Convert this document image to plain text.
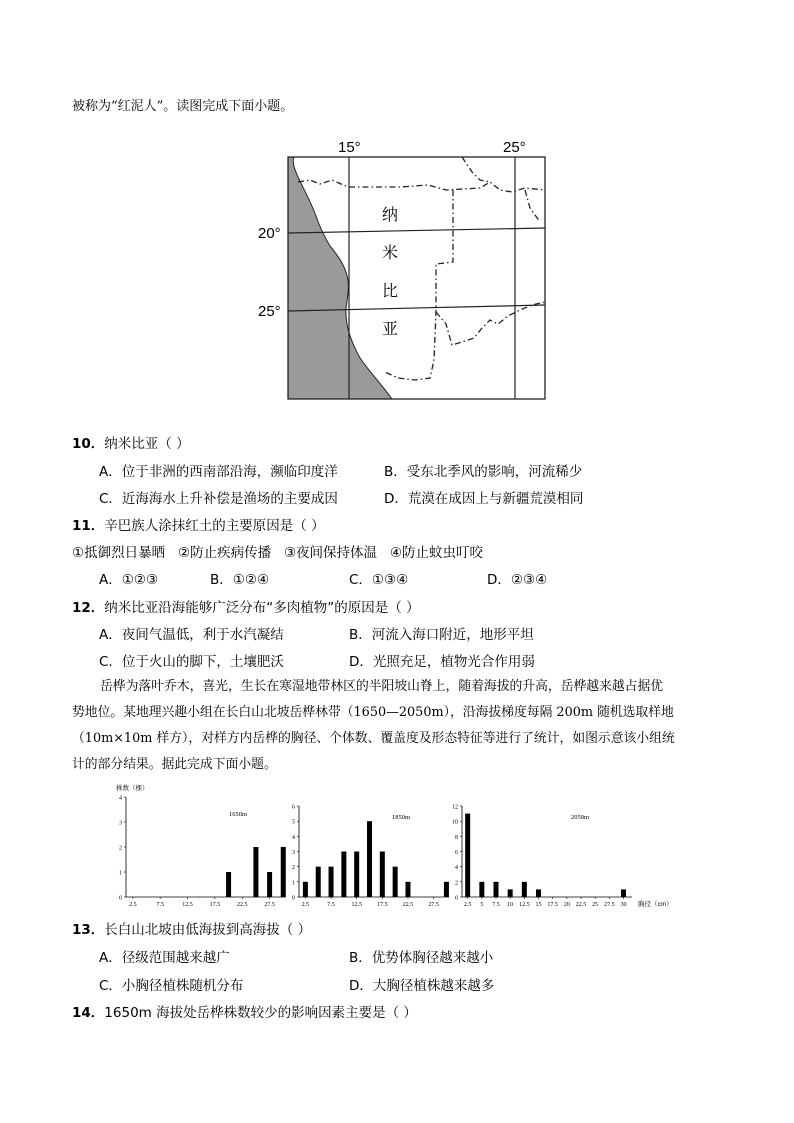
被称为“红泥人”。读图完成下面小题。
15°	25°
20°
25°
纳
米
比
亚
10．纳米比亚（ ）
A．位于非洲的西南部沿海，濒临印度洋	B．受东北季风的影响，河流稀少
C．近海海水上升补偿是渔场的主要成因	D．荒漠在成因上与新疆荒漠相同
11．辛巴族人涂抹红土的主要原因是（ ）
①抵御烈日暴晒   ②防止疾病传播   ③夜间保持体温   ④防止蚊虫叮咬
A．①②③	B．①②④	C．①③④	D．②③④
12．纳米比亚沿海能够广泛分布“多肉植物”的原因是（ ）
A．夜间气温低，利于水汽凝结	B．河流入海口附近，地形平坦
C．位于火山的脚下，土壤肥沃	D．光照充足，植物光合作用弱
岳桦为落叶乔木，喜光，生长在寒湿地带林区的半阳坡山脊上，随着海拔的升高，岳桦越来越占据优
势地位。某地理兴趣小组在长白山北坡岳桦林带（1650—2050m），沿海拔梯度每隔 200m 随机选取样地
（10m×10m 样方），对样方内岳桦的胸径、个体数、覆盖度及形态特征等进行了统计，如图示意该小组统
计的部分结果。据此完成下面小题。
0
1
2
3
4
2.5	7.5	12.5	17.5	22.5	27.5
1650m
株数（棵）
0
1
2
3
4
5
6
2.5	7.5	12.5	17.5	22.5	27.5
1850m
0
2
4
6
8
10
12
2.5 5 7.5 10 12.5 15 17.5 20 22.5 25 27.5 30
2050m
胸径（cm）
13．长白山北坡由低海拔到高海拔（ ）
A．径级范围越来越广	B．优势体胸径越来越小
C．小胸径植株随机分布	D．大胸径植株越来越多
14．1650m 海拔处岳桦株数较少的影响因素主要是（ ）
